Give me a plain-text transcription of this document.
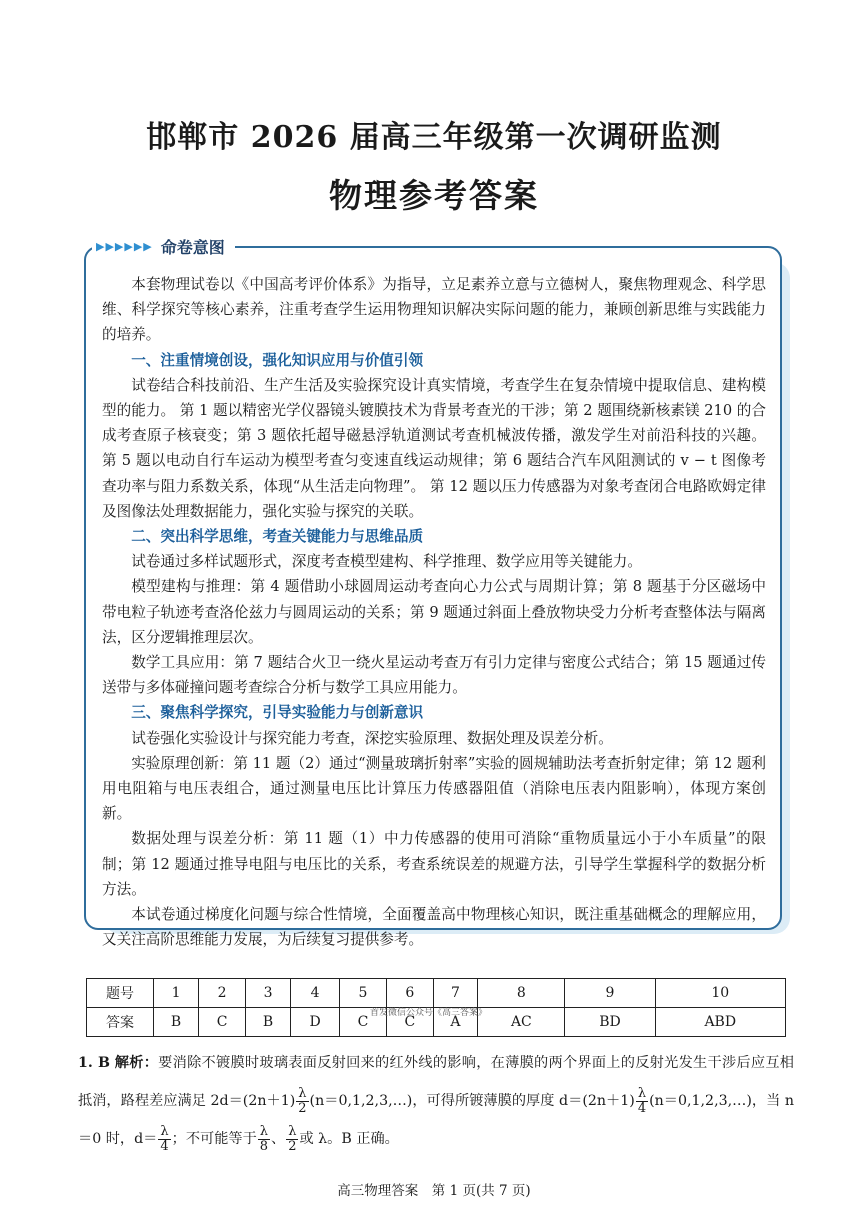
邯郸市 2026 届高三年级第一次调研监测
物理参考答案
▶▶▶▶▶▶ 命卷意图

本套物理试卷以《中国高考评价体系》为指导，立足素养立意与立德树人，聚焦物理观念、科学思维、科学探究等核心素养，注重考查学生运用物理知识解决实际问题的能力，兼顾创新思维与实践能力的培养。

一、注重情境创设，强化知识应用与价值引领

试卷结合科技前沿、生产生活及实验探究设计真实情境，考查学生在复杂情境中提取信息、建构模型的能力。 第 1 题以精密光学仪器镜头镀膜技术为背景考查光的干涉；第 2 题围绕新核素镁 210 的合成考查原子核衰变；第 3 题依托超导磁悬浮轨道测试考查机械波传播，激发学生对前沿科技的兴趣。 第 5 题以电动自行车运动为模型考查匀变速直线运动规律；第 6 题结合汽车风阻测试的 v − t 图像考查功率与阻力系数关系，体现“从生活走向物理”。 第 12 题以压力传感器为对象考查闭合电路欧姆定律及图像法处理数据能力，强化实验与探究的关联。

二、突出科学思维，考查关键能力与思维品质

试卷通过多样试题形式，深度考查模型建构、科学推理、数学应用等关键能力。

模型建构与推理：第 4 题借助小球圆周运动考查向心力公式与周期计算；第 8 题基于分区磁场中带电粒子轨迹考查洛伦兹力与圆周运动的关系；第 9 题通过斜面上叠放物块受力分析考查整体法与隔离法，区分逻辑推理层次。

数学工具应用：第 7 题结合火卫一绕火星运动考查万有引力定律与密度公式结合；第 15 题通过传送带与多体碰撞问题考查综合分析与数学工具应用能力。

三、聚焦科学探究，引导实验能力与创新意识

试卷强化实验设计与探究能力考查，深挖实验原理、数据处理及误差分析。

实验原理创新：第 11 题（2）通过“测量玻璃折射率”实验的圆规辅助法考查折射定律；第 12 题利用电阻箱与电压表组合，通过测量电压比计算压力传感器阻值（消除电压表内阻影响），体现方案创新。

数据处理与误差分析：第 11 题（1）中力传感器的使用可消除“重物质量远小于小车质量”的限制；第 12 题通过推导电阻与电压比的关系，考查系统误差的规避方法，引导学生掌握科学的数据分析方法。

本试卷通过梯度化问题与综合性情境，全面覆盖高中物理核心知识，既注重基础概念的理解应用，又关注高阶思维能力发展，为后续复习提供参考。

题号	1	2	3	4	5	6	7	8	9	10
答案	B	C	B	D	C	C	A	AC	BD	ABD
首发微信公众号《高三答案》
1. B 解析：要消除不镀膜时玻璃表面反射回来的红外线的影响，在薄膜的两个界面上的反射光发生干涉后应互相抵消，路程差应满足 $2d=(2n+1) \frac{\lambda}{2}$ (n＝0,1,2,3,…)，可得所镀薄膜的厚度 $d=(2n+1) \frac{\lambda}{4}$ (n＝0,1,2,3,…)，当 n＝0 时，$d= \frac{\lambda}{4}$ ；不可能等于 $\frac{\lambda}{8}$ 、 $\frac{\lambda}{2}$ 或 λ。B 正确。
高三物理答案　第 1 页(共 7 页)
